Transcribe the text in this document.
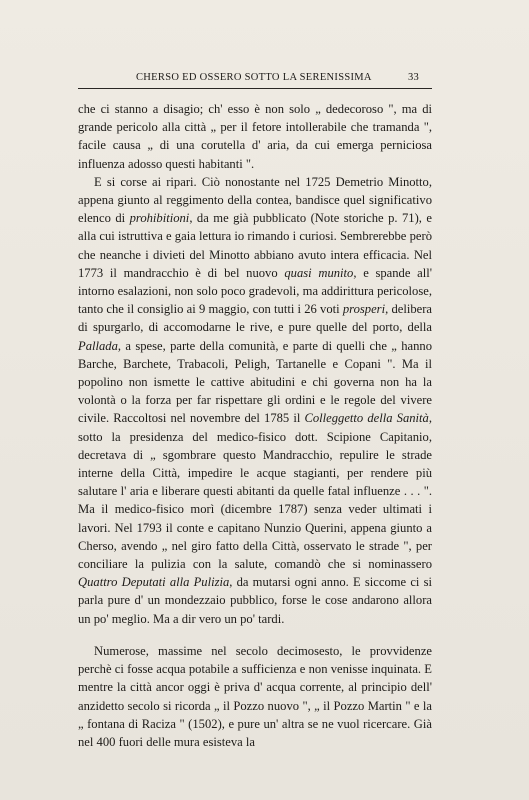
CHERSO ED OSSERO SOTTO LA SERENISSIMA	33

che ci stanno a disagio; ch' esso è non solo „ dedecoroso ", ma di grande pericolo alla città „ per il fetore intollerabile che tramanda ", facile causa „ di una corutella d' aria, da cui emerga perniciosa influenza adosso questi habitanti ".

E si corse ai ripari. Ciò nonostante nel 1725 Demetrio Minotto, appena giunto al reggimento della contea, bandisce quel significativo elenco di prohibitioni, da me già pubblicato (Note storiche p. 71), e alla cui istruttiva e gaia lettura io rimando i curiosi. Sembrerebbe però che neanche i divieti del Minotto abbiano avuto intera efficacia. Nel 1773 il mandracchio è di bel nuovo quasi munito, e spande all' intorno esalazioni, non solo poco gradevoli, ma addirittura pericolose, tanto che il consiglio ai 9 maggio, con tutti i 26 voti prosperi, delibera di spurgarlo, di accomodarne le rive, e pure quelle del porto, della Pallada, a spese, parte della comunità, e parte di quelli che „ hanno Barche, Barchete, Trabacoli, Peligh, Tartanelle e Copani ". Ma il popolino non ismette le cattive abitudini e chi governa non ha la volontà o la forza per far rispettare gli ordini e le regole del vivere civile. Raccoltosi nel novembre del 1785 il Colleggetto della Sanità, sotto la presidenza del medico-fisico dott. Scipione Capitanio, decretava di „ sgombrare questo Mandracchio, repulire le strade interne della Città, impedire le acque stagianti, per rendere più salutare l' aria e liberare questi abitanti da quelle fatal influenze . . . ". Ma il medico-fisico morì (dicembre 1787) senza veder ultimati i lavori. Nel 1793 il conte e capitano Nunzio Querini, appena giunto a Cherso, avendo „ nel giro fatto della Città, osservato le strade ", per conciliare la pulizia con la salute, comandò che si nominassero Quattro Deputati alla Pulizia, da mutarsi ogni anno. E siccome ci si parla pure d' un mondezzaio pubblico, forse le cose andarono allora un po' meglio. Ma a dir vero un po' tardi.

Numerose, massime nel secolo decimosesto, le provvidenze perchè ci fosse acqua potabile a sufficienza e non venisse inquinata. E mentre la città ancor oggi è priva d' acqua corrente, al principio dell' anzidetto secolo si ricorda „ il Pozzo nuovo ", „ il Pozzo Martin " e la „ fontana di Raciza " (1502), e pure un' altra se ne vuol ricercare. Già nel 400 fuori delle mura esisteva la
